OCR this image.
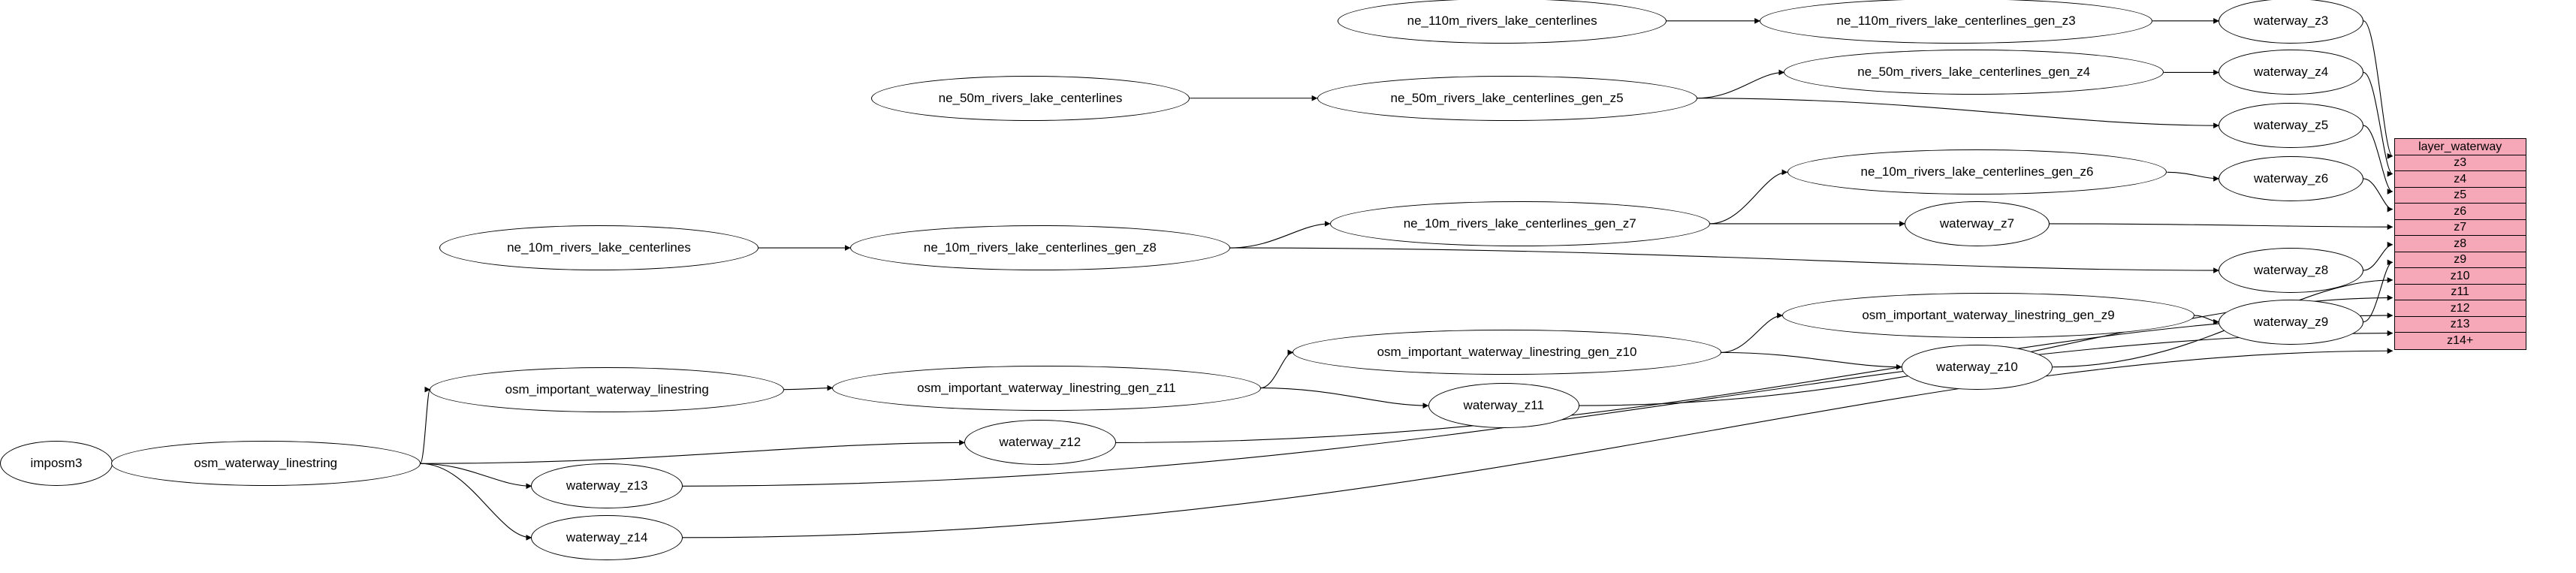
imposm3	osm_waterway_linestring
osm_important_waterway_linestring	osm_important_waterway_linestring_gen_z11
osm_important_waterway_linestring_gen_z10
osm_important_waterway_linestring_gen_z9
ne_110m_rivers_lake_centerlines	ne_110m_rivers_lake_centerlines_gen_z3
ne_50m_rivers_lake_centerlines	ne_50m_rivers_lake_centerlines_gen_z5
ne_50m_rivers_lake_centerlines_gen_z4
ne_10m_rivers_lake_centerlines	ne_10m_rivers_lake_centerlines_gen_z8
ne_10m_rivers_lake_centerlines_gen_z7
ne_10m_rivers_lake_centerlines_gen_z6
waterway_z3
waterway_z4
waterway_z5
waterway_z6
waterway_z7
waterway_z8
waterway_z9
waterway_z10
waterway_z11
waterway_z12
waterway_z13
waterway_z14
layer_waterway
z3
z4
z5
z6
z7
z8
z9
z10
z11
z12
z13
z14+
